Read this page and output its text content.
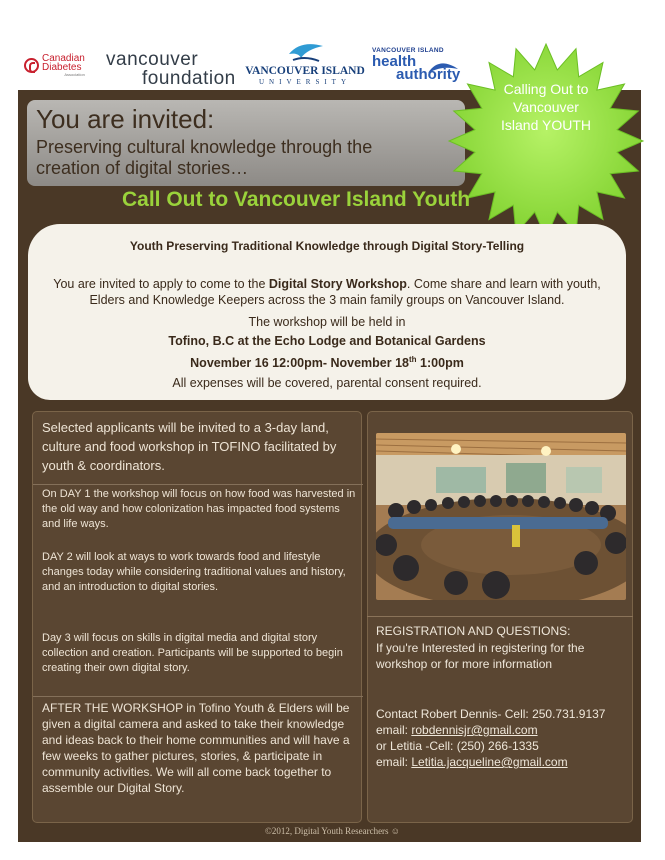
Canadian
Diabetes
Association
vancouver
foundation VANCOUVER ISLAND
UNIVERSITY
VANCOUVER ISLAND
health
authority
You are invited:
Preserving cultural knowledge through the creation of digital stories…
Calling Out to Vancouver Island YOUTH
Call Out to Vancouver Island Youth
Youth Preserving Traditional Knowledge through Digital Story-Telling
You are invited to apply to come to the Digital Story Workshop. Come share and learn with youth, Elders and Knowledge Keepers across the 3 main family groups on Vancouver Island.
The workshop will be held in
Tofino, B.C at the Echo Lodge and Botanical Gardens
November 16 12:00pm- November 18th 1:00pm
All expenses will be covered, parental consent required.
Selected applicants will be invited to a 3-day land, culture and food workshop in TOFINO facilitated by youth & coordinators.
On DAY 1 the workshop will focus on how food was harvested in the old way and how colonization has impacted food systems and life ways.
DAY 2 will look at ways to work towards food and lifestyle changes today while considering traditional values and history, and an introduction to digital stories.
Day 3 will focus on skills in digital media and digital story collection and creation. Participants will be supported to begin creating their own digital story.
AFTER THE WORKSHOP in Tofino Youth & Elders will be given a digital camera and asked to take their knowledge and ideas back to their home communities and will have a few weeks to gather pictures, stories, & participate in community activities. We will all come back together to assemble our Digital Story.
REGISTRATION AND QUESTIONS:
If you're Interested in registering for the workshop or for more information
Contact Robert Dennis- Cell: 250.731.9137
email: robdennisjr@gmail.com
or Letitia -Cell: (250) 266-1335
email: Letitia.jacqueline@gmail.com
©2012, Digital Youth Researchers ☺
